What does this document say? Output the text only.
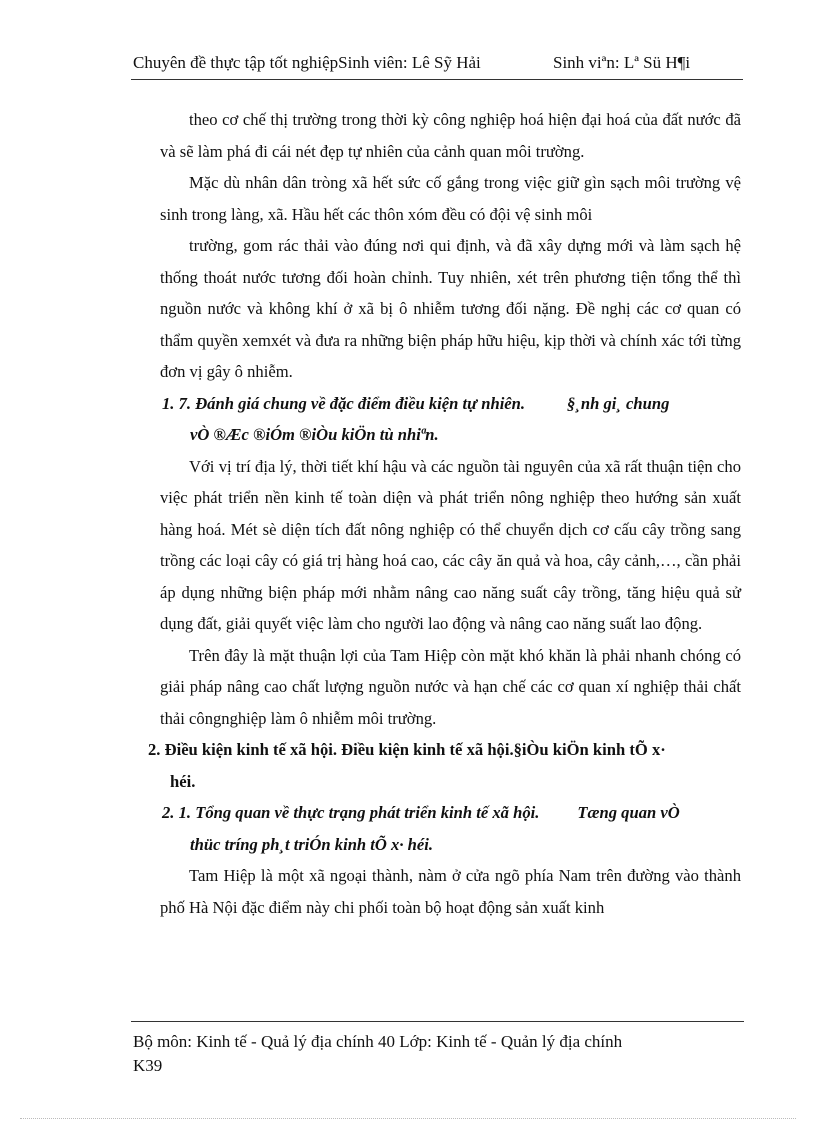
Chuyên đề thực tập tốt nghiệpSinh viên: Lê Sỹ Hải	Sinh viªn: Lª Sü H¶i

theo cơ chế thị trường trong thời kỳ công nghiệp hoá hiện đại hoá của đất nước đã và sẽ làm phá đi cái nét đẹp tự nhiên của cảnh quan môi trường.

Mặc dù nhân dân tròng xã hết sức cố gắng trong việc giữ gìn sạch môi trường vệ sinh trong làng, xã. Hầu hết các thôn xóm đều có đội vệ sinh môi

trường, gom rác thải vào đúng nơi qui định, và đã xây dựng mới và làm sạch hệ thống thoát nước tương đối hoàn chỉnh. Tuy nhiên, xét trên phương tiện tổng thể thì nguồn nước và không khí ở xã bị ô nhiễm tương đối nặng. Đề nghị các cơ quan có thẩm quyền xemxét và đưa ra những biện pháp hữu hiệu, kịp thời và chính xác tới từng đơn vị gây ô nhiễm.

1. 7. Đánh giá chung về đặc điểm điều kiện tự nhiên.	§¸nh gi¸ chung
vÒ ®Æc ®iÓm ®iÒu kiÖn tù nhiªn.

Với vị trí địa lý, thời tiết khí hậu và các nguồn tài nguyên của xã rất thuận tiện cho việc phát triển nền kinh tế toàn diện và phát triển nông nghiệp theo hướng sản xuất hàng hoá. Mét sè diện tích đất nông nghiệp có thể chuyển dịch cơ cấu cây trồng sang trồng các loại cây có giá trị hàng hoá cao, các cây ăn quả và hoa, cây cảnh,…, cần phải áp dụng những biện pháp mới nhằm nâng cao năng suất cây trồng, tăng hiệu quả sử dụng đất, giải quyết việc làm cho người lao động và nâng cao năng suất lao động.

Trên đây là mặt thuận lợi của Tam Hiệp còn mặt khó khăn là phải nhanh chóng có giải pháp nâng cao chất lượng nguồn nước và hạn chế các cơ quan xí nghiệp thải chất thải côngnghiệp làm ô nhiễm môi trường.

2. Điều kiện kinh tế xã hội. Điều kiện kinh tế xã hội.§iÒu kiÖn kinh tÕ x·
héi.

2. 1. Tổng quan về thực trạng phát triển kinh tế xã hội. Tæng quan vÒ
thüc tríng ph¸t triÓn kinh tÕ x· héi.

Tam Hiệp là một xã ngoại thành, nàm ở cửa ngõ phía Nam trên đường vào thành phố Hà Nội đặc điểm này chi phối toàn bộ hoạt động sản xuất kinh

Bộ môn: Kinh tế - Quả lý địa chính 40 Lớp: Kinh tế - Quản lý địa chính
K39
